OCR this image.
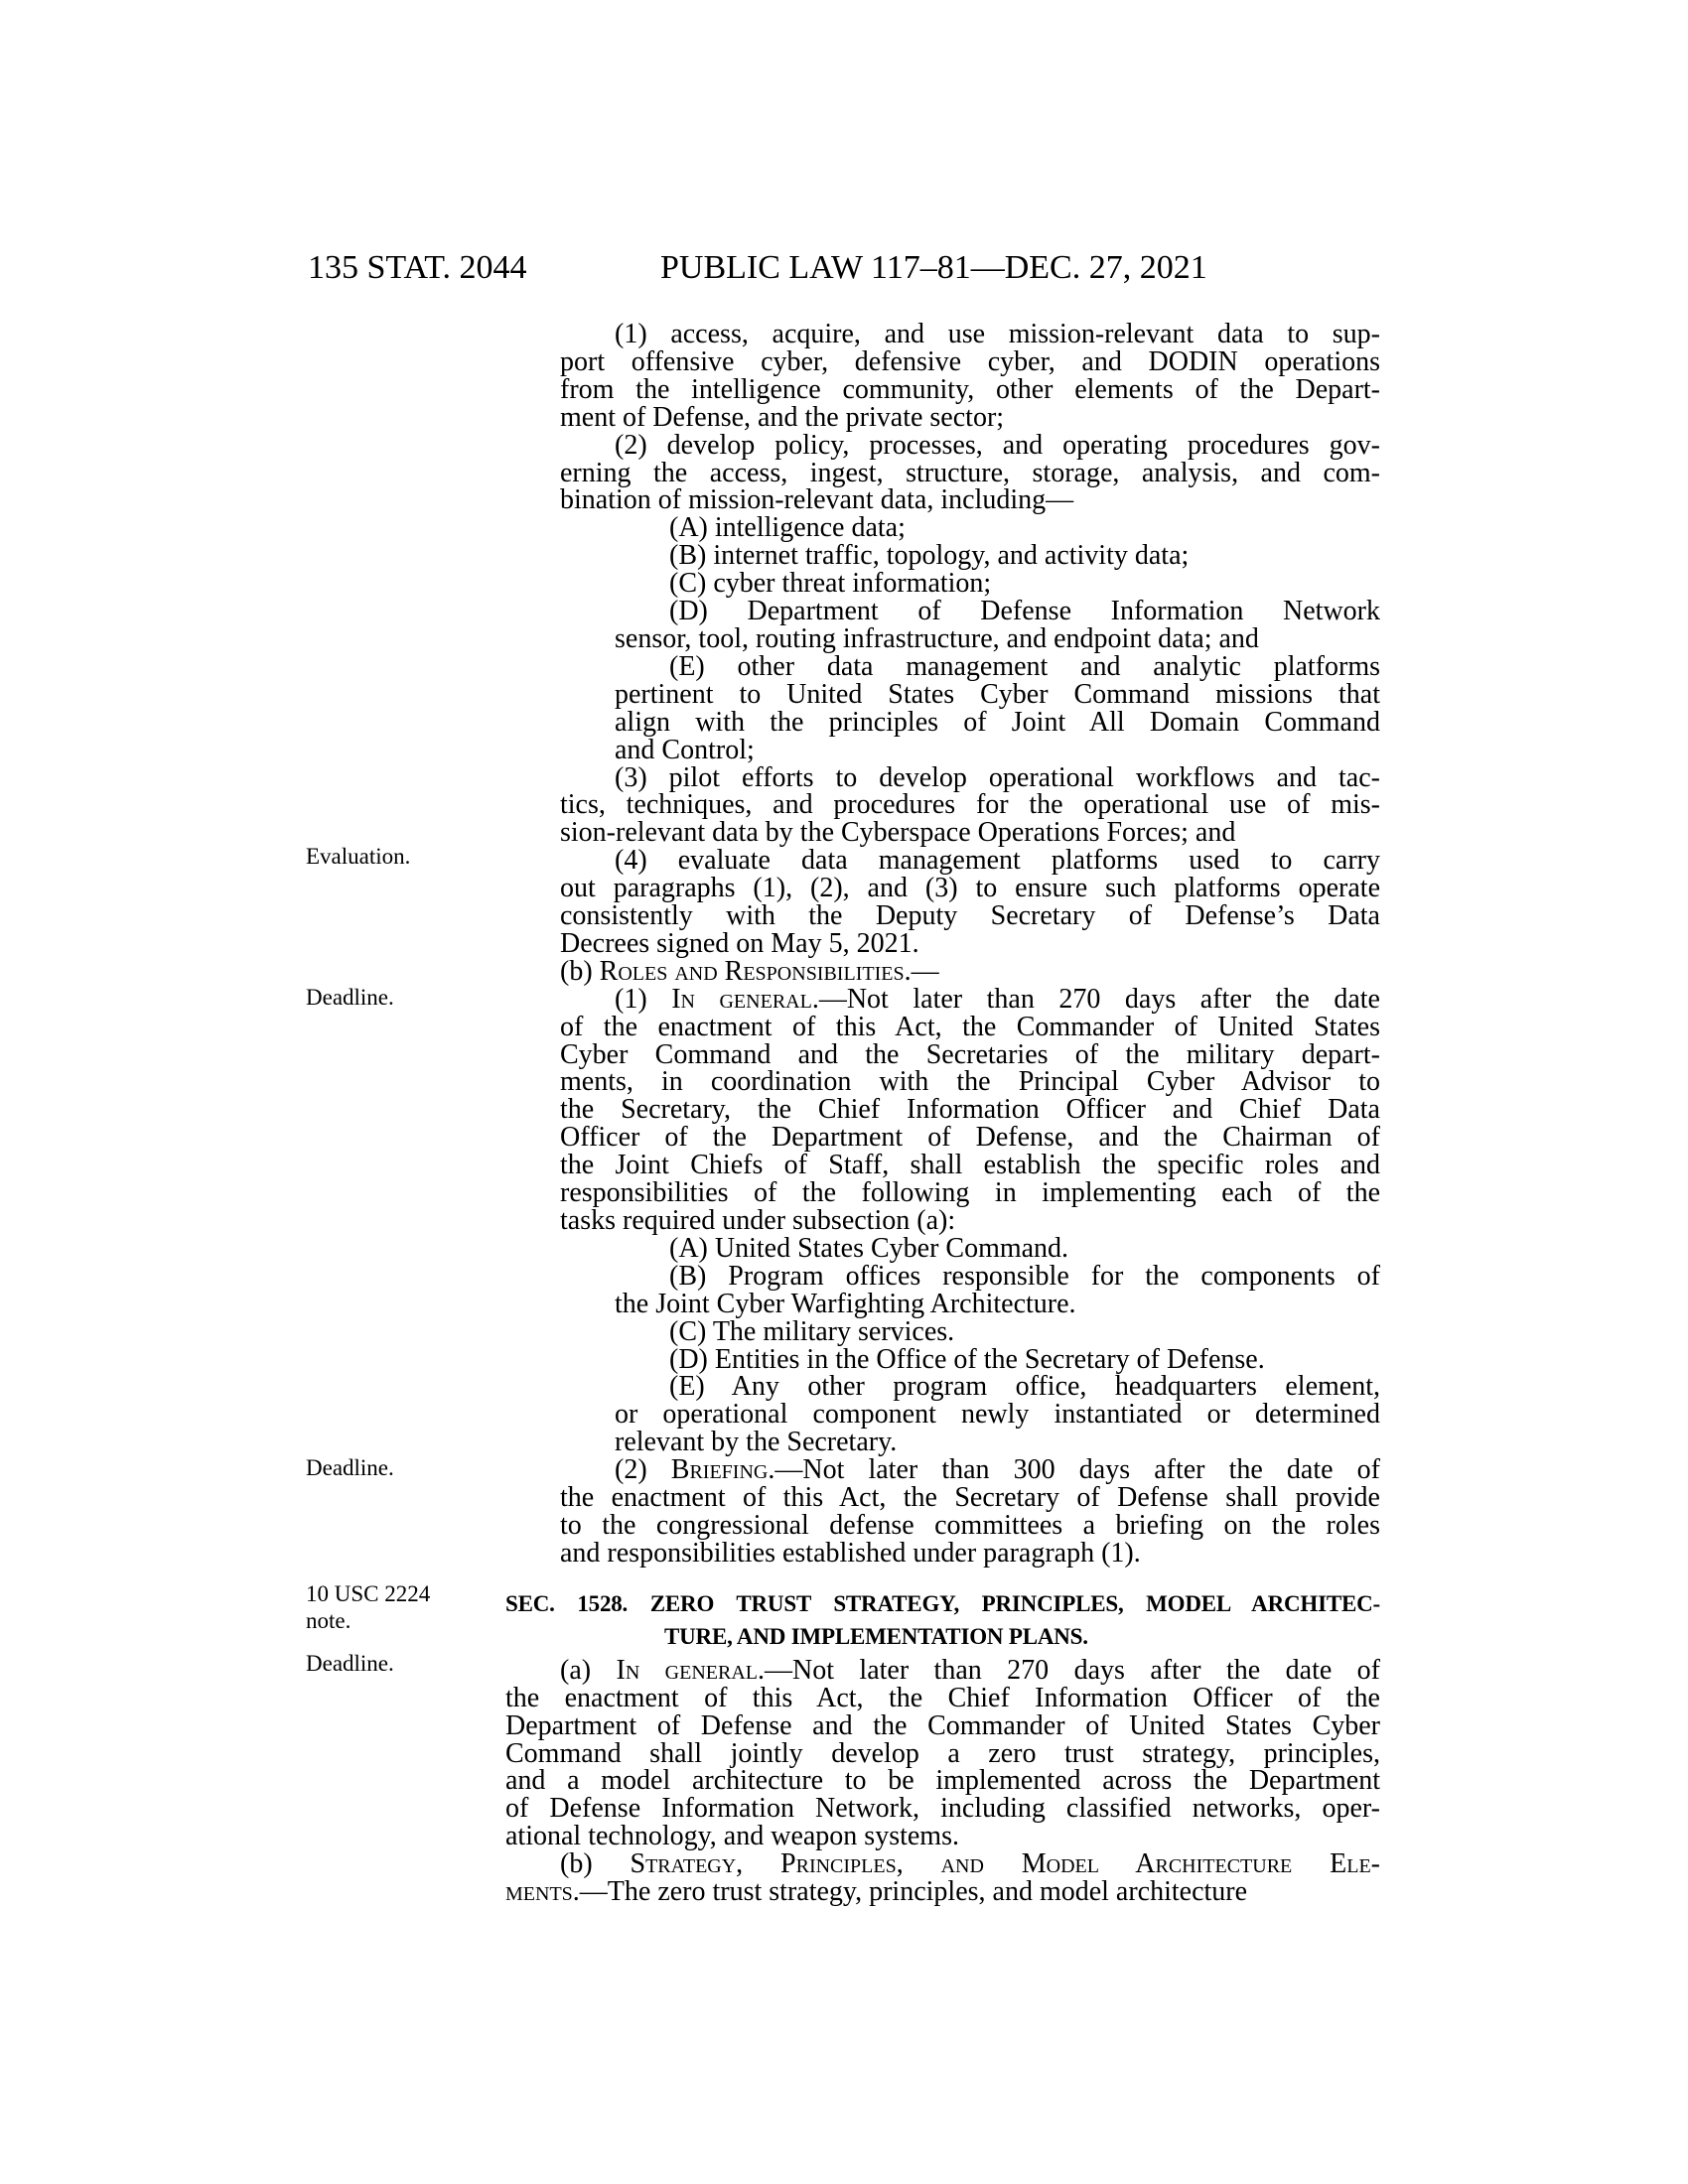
135 STAT. 2044	PUBLIC LAW 117–81—DEC. 27, 2021
Evaluation.
Deadline.
Deadline.
10 USC 2224
note.
Deadline.
(1) access, acquire, and use mission-relevant data to sup-
port offensive cyber, defensive cyber, and DODIN operations
from the intelligence community, other elements of the Depart-
ment of Defense, and the private sector;
(2) develop policy, processes, and operating procedures gov-
erning the access, ingest, structure, storage, analysis, and com-
bination of mission-relevant data, including—
(A) intelligence data;
(B) internet traffic, topology, and activity data;
(C) cyber threat information;
(D) Department of Defense Information Network
sensor, tool, routing infrastructure, and endpoint data; and
(E) other data management and analytic platforms
pertinent to United States Cyber Command missions that
align with the principles of Joint All Domain Command
and Control;
(3) pilot efforts to develop operational workflows and tac-
tics, techniques, and procedures for the operational use of mis-
sion-relevant data by the Cyberspace Operations Forces; and
(4) evaluate data management platforms used to carry
out paragraphs (1), (2), and (3) to ensure such platforms operate
consistently with the Deputy Secretary of Defense’s Data
Decrees signed on May 5, 2021.
(b) Roles and Responsibilities.—
(1) In general.—Not later than 270 days after the date
of the enactment of this Act, the Commander of United States
Cyber Command and the Secretaries of the military depart-
ments, in coordination with the Principal Cyber Advisor to
the Secretary, the Chief Information Officer and Chief Data
Officer of the Department of Defense, and the Chairman of
the Joint Chiefs of Staff, shall establish the specific roles and
responsibilities of the following in implementing each of the
tasks required under subsection (a):
(A) United States Cyber Command.
(B) Program offices responsible for the components of
the Joint Cyber Warfighting Architecture.
(C) The military services.
(D) Entities in the Office of the Secretary of Defense.
(E) Any other program office, headquarters element,
or operational component newly instantiated or determined
relevant by the Secretary.
(2) Briefing.—Not later than 300 days after the date of
the enactment of this Act, the Secretary of Defense shall provide
to the congressional defense committees a briefing on the roles
and responsibilities established under paragraph (1).
SEC. 1528. ZERO TRUST STRATEGY, PRINCIPLES, MODEL ARCHITEC-
TURE, AND IMPLEMENTATION PLANS.
(a) In general.—Not later than 270 days after the date of
the enactment of this Act, the Chief Information Officer of the
Department of Defense and the Commander of United States Cyber
Command shall jointly develop a zero trust strategy, principles,
and a model architecture to be implemented across the Department
of Defense Information Network, including classified networks, oper-
ational technology, and weapon systems.
(b) Strategy, Principles, and Model Architecture Ele-
ments.—The zero trust strategy, principles, and model architecture
